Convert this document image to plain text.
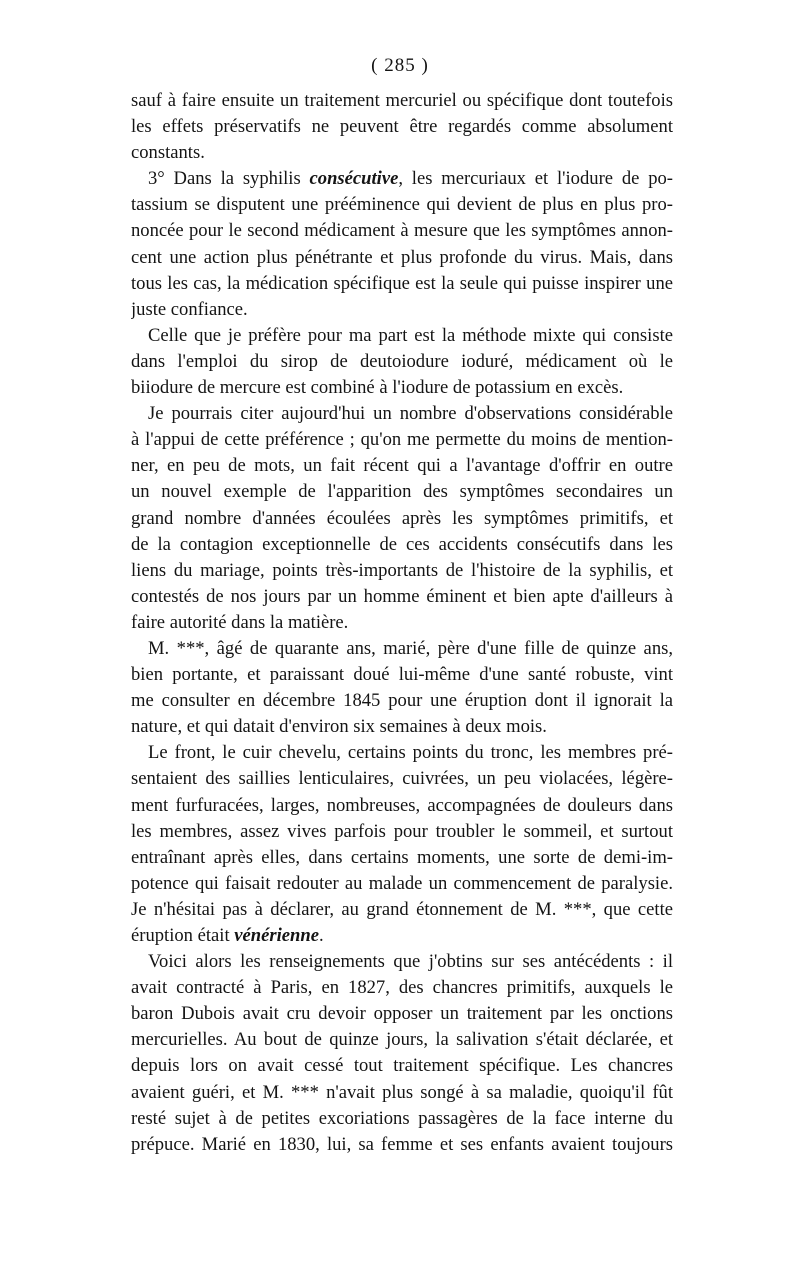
( 285 )
sauf à faire ensuite un traitement mercuriel ou spécifique dont toutefois
les effets préservatifs ne peuvent être regardés comme absolument
constants.
3° Dans la syphilis consécutive, les mercuriaux et l'iodure de po-
tassium se disputent une prééminence qui devient de plus en plus pro-
noncée pour le second médicament à mesure que les symptômes annon-
cent une action plus pénétrante et plus profonde du virus. Mais, dans
tous les cas, la médication spécifique est la seule qui puisse inspirer une
juste confiance.
Celle que je préfère pour ma part est la méthode mixte qui consiste
dans l'emploi du sirop de deutoiodure ioduré, médicament où le
biiodure de mercure est combiné à l'iodure de potassium en excès.
Je pourrais citer aujourd'hui un nombre d'observations considérable
à l'appui de cette préférence ; qu'on me permette du moins de mention-
ner, en peu de mots, un fait récent qui a l'avantage d'offrir en outre
un nouvel exemple de l'apparition des symptômes secondaires un
grand nombre d'années écoulées après les symptômes primitifs, et
de la contagion exceptionnelle de ces accidents consécutifs dans les
liens du mariage, points très-importants de l'histoire de la syphilis, et
contestés de nos jours par un homme éminent et bien apte d'ailleurs à
faire autorité dans la matière.
M. ***, âgé de quarante ans, marié, père d'une fille de quinze ans,
bien portante, et paraissant doué lui-même d'une santé robuste, vint
me consulter en décembre 1845 pour une éruption dont il ignorait la
nature, et qui datait d'environ six semaines à deux mois.
Le front, le cuir chevelu, certains points du tronc, les membres pré-
sentaient des saillies lenticulaires, cuivrées, un peu violacées, légère-
ment furfuracées, larges, nombreuses, accompagnées de douleurs dans
les membres, assez vives parfois pour troubler le sommeil, et surtout
entraînant après elles, dans certains moments, une sorte de demi-im-
potence qui faisait redouter au malade un commencement de paralysie.
Je n'hésitai pas à déclarer, au grand étonnement de M. ***, que cette
éruption était vénérienne.
Voici alors les renseignements que j'obtins sur ses antécédents : il
avait contracté à Paris, en 1827, des chancres primitifs, auxquels le
baron Dubois avait cru devoir opposer un traitement par les onctions
mercurielles. Au bout de quinze jours, la salivation s'était déclarée, et
depuis lors on avait cessé tout traitement spécifique. Les chancres
avaient guéri, et M. *** n'avait plus songé à sa maladie, quoiqu'il fût
resté sujet à de petites excoriations passagères de la face interne du
prépuce. Marié en 1830, lui, sa femme et ses enfants avaient toujours
